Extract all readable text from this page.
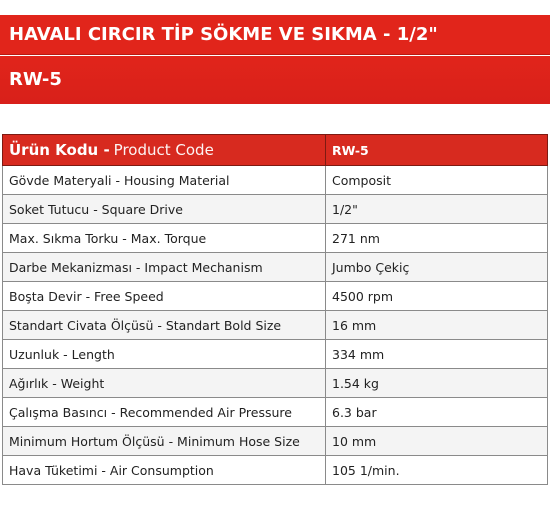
HAVALI CIRCIR TİP SÖKME VE SIKMA - 1/2"
RW-5
Ürün Kodu - Product Code	RW-5
Gövde Materyali - Housing Material	Composit
Soket Tutucu - Square Drive	1/2"
Max. Sıkma Torku - Max. Torque	271 nm
Darbe Mekanizması - Impact Mechanism	Jumbo Çekiç
Boşta Devir - Free Speed	4500 rpm
Standart Civata Ölçüsü - Standart Bold Size	16 mm
Uzunluk - Length	334 mm
Ağırlık - Weight	1.54 kg
Çalışma Basıncı - Recommended Air Pressure	6.3 bar
Minimum Hortum Ölçüsü - Minimum Hose Size	10 mm
Hava Tüketimi - Air Consumption	105 1/min.
